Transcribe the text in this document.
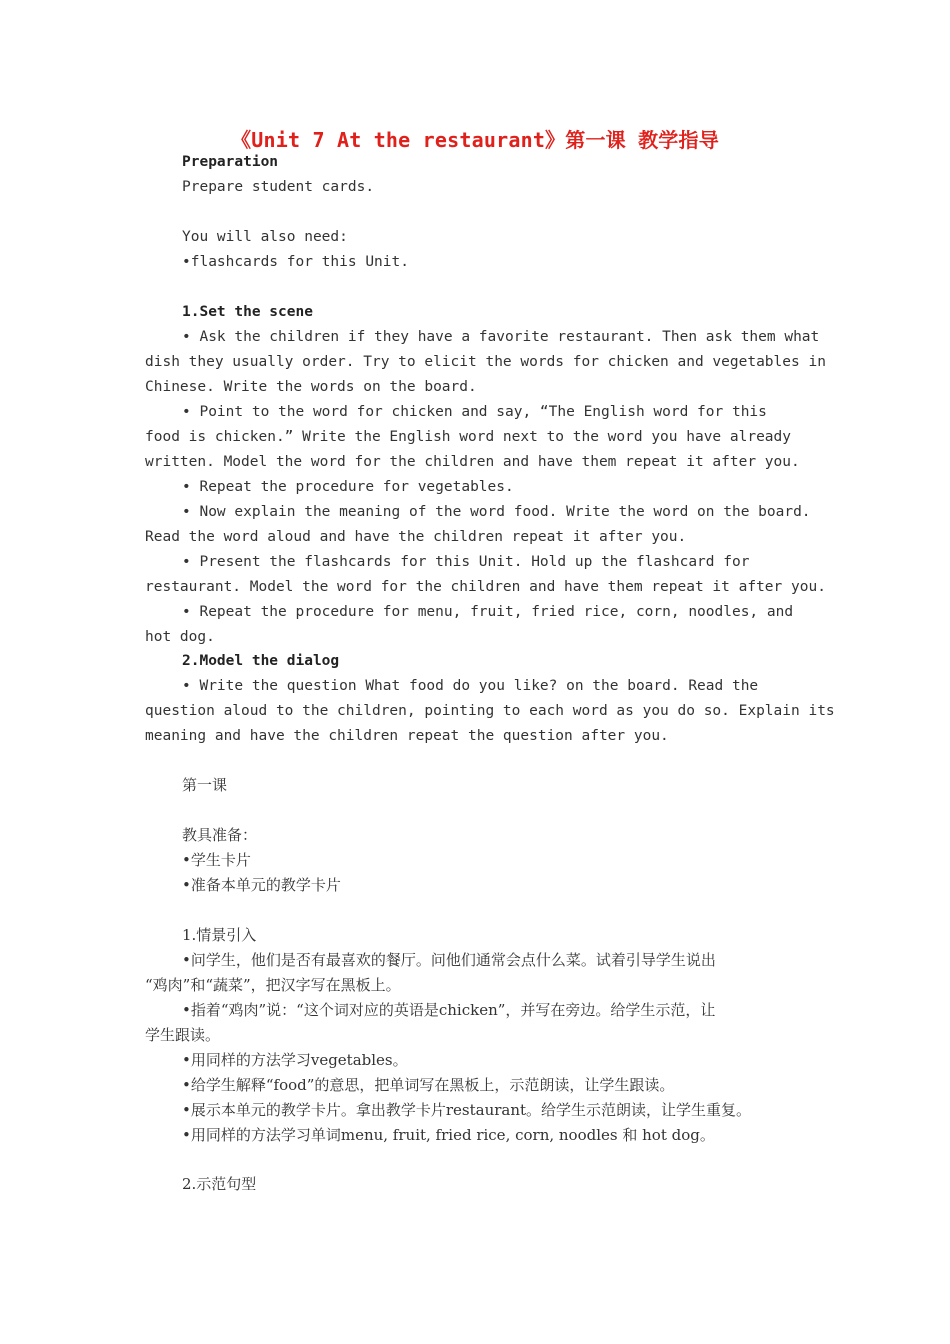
《Unit 7 At the restaurant》第一课 教学指导
Preparation
Prepare student cards.
You will also need:
•flashcards for this Unit.
1.Set the scene
• Ask the children if they have a favorite restaurant. Then ask them what
dish they usually order. Try to elicit the words for chicken and vegetables in
Chinese. Write the words on the board.
• Point to the word for chicken and say, “The English word for this
food is chicken.” Write the English word next to the word you have already
written. Model the word for the children and have them repeat it after you.
• Repeat the procedure for vegetables.
• Now explain the meaning of the word food. Write the word on the board.
Read the word aloud and have the children repeat it after you.
• Present the flashcards for this Unit. Hold up the flashcard for
restaurant. Model the word for the children and have them repeat it after you.
• Repeat the procedure for menu, fruit, fried rice, corn, noodles, and
hot dog.
2.Model the dialog
• Write the question What food do you like? on the board. Read the
question aloud to the children, pointing to each word as you do so. Explain its
meaning and have the children repeat the question after you.
第一课
教具准备：
•学生卡片
•准备本单元的教学卡片
1.情景引入
•问学生，他们是否有最喜欢的餐厅。问他们通常会点什么菜。试着引导学生说出
“鸡肉”和“蔬菜”，把汉字写在黑板上。
•指着“鸡肉”说：“这个词对应的英语是chicken”，并写在旁边。给学生示范，让
学生跟读。
•用同样的方法学习vegetables。
•给学生解释“food”的意思，把单词写在黑板上，示范朗读，让学生跟读。
•展示本单元的教学卡片。拿出教学卡片restaurant。给学生示范朗读，让学生重复。
•用同样的方法学习单词menu, fruit, fried rice, corn, noodles 和 hot dog。
2.示范句型
